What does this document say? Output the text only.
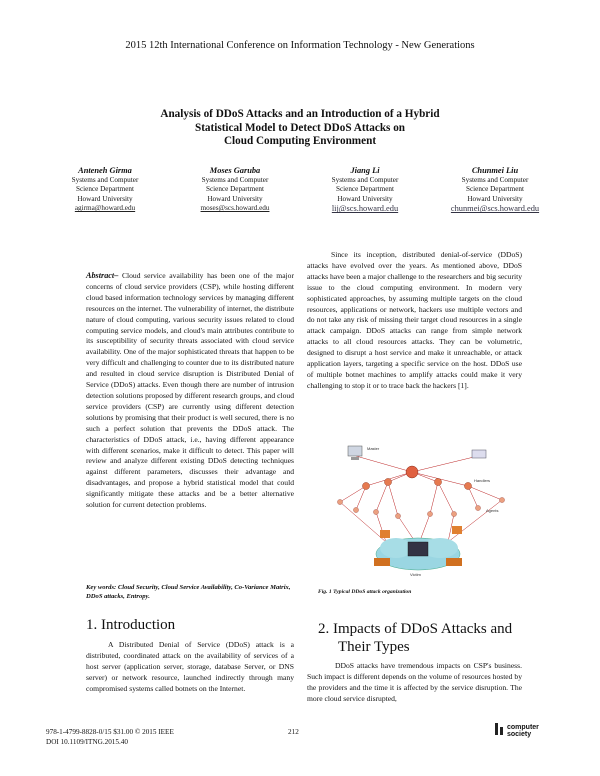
2015 12th International Conference on Information Technology - New Generations
Analysis of DDoS Attacks and an Introduction of a Hybrid
Statistical Model to Detect DDoS Attacks on
Cloud Computing Environment
Anteneh Girma
Systems and Computer
Science Department
Howard University
agirma@howard.edu
Moses Garuba
Systems and Computer
Science Department
Howard University
moses@scs.howard.edu
Jiang Li
Systems and Computer
Science Department
Howard University
lij@scs.howard.edu
Chunmei Liu
Systems and Computer
Science Department
Howard University
chunmei@scs.howard.edu
Abstract– Cloud service availability has been one of the major concerns of cloud service providers (CSP), while hosting different cloud based information technology services by managing different resources on the internet. The vulnerability of internet, the distribute nature of cloud computing, various security issues related to cloud computing service models, and cloud's main attributes contribute to its susceptibility of security threats associated with cloud service availability. One of the major sophisticated threats that happen to be very difficult and challenging to counter due to its distributed nature and resulted in cloud service disruption is Distributed Denial of Service (DDoS) attacks. Even though there are number of intrusion detection solutions proposed by different research groups, and cloud service providers (CSP) are currently using different detection solutions by promising that their product is well secured, there is no such a perfect solution that prevents the DDoS attack. The characteristics of DDoS attack, i.e., having different appearance with different scenarios, make it difficult to detect. This paper will review and analyze different existing DDoS detecting techniques against different parameters, discusses their advantage and disadvantages, and propose a hybrid statistical model that could significantly mitigate these attacks and be a better alternative solution for current detection problems.
Key words: Cloud Security, Cloud Service Availability, Co-Variance Matrix, DDoS attacks, Entropy.
1. Introduction
A Distributed Denial of Service (DDoS) attack is a distributed, coordinated attack on the availability of services of a host server (application server, storage, database Server, or DNS server) or network resource, launched indirectly through many compromised systems called botnets on the Internet.
Since its inception, distributed denial-of-service (DDoS) attacks have evolved over the years. As mentioned above, DDoS attacks have been a major challenge to the researchers and big security issue to the cloud computing environment. In modern very sophisticated approaches, by assuming multiple targets on the cloud resources, applications or network, hackers use multiple vectors and do not take any risk of missing their target cloud resources in a single attack campaign. DDoS attacks can range from simple network attacks to all cloud resources attacks. They can be volumetric, designed to disrupt a host service and make it unreachable, or attack application layers, targeting a specific service on the host. DDoS use of multiple botnet machines to amplify attacks could make it very challenging to stop it or to trace back the hackers [1].
Master
Handlers
Agents
Victim
Fig. 1 Typical DDoS attack organization
2. Impacts of DDoS Attacks and
Their Types
DDoS attacks have tremendous impacts on CSP's business. Such impact is different depends on the volume of resources hosted by the providers and the time it is affected by the service disruption. The more cloud service disrupted,
978-1-4799-8828-0/15 $31.00 © 2015 IEEE
DOI 10.1109/ITNG.2015.40
212
computer
society
